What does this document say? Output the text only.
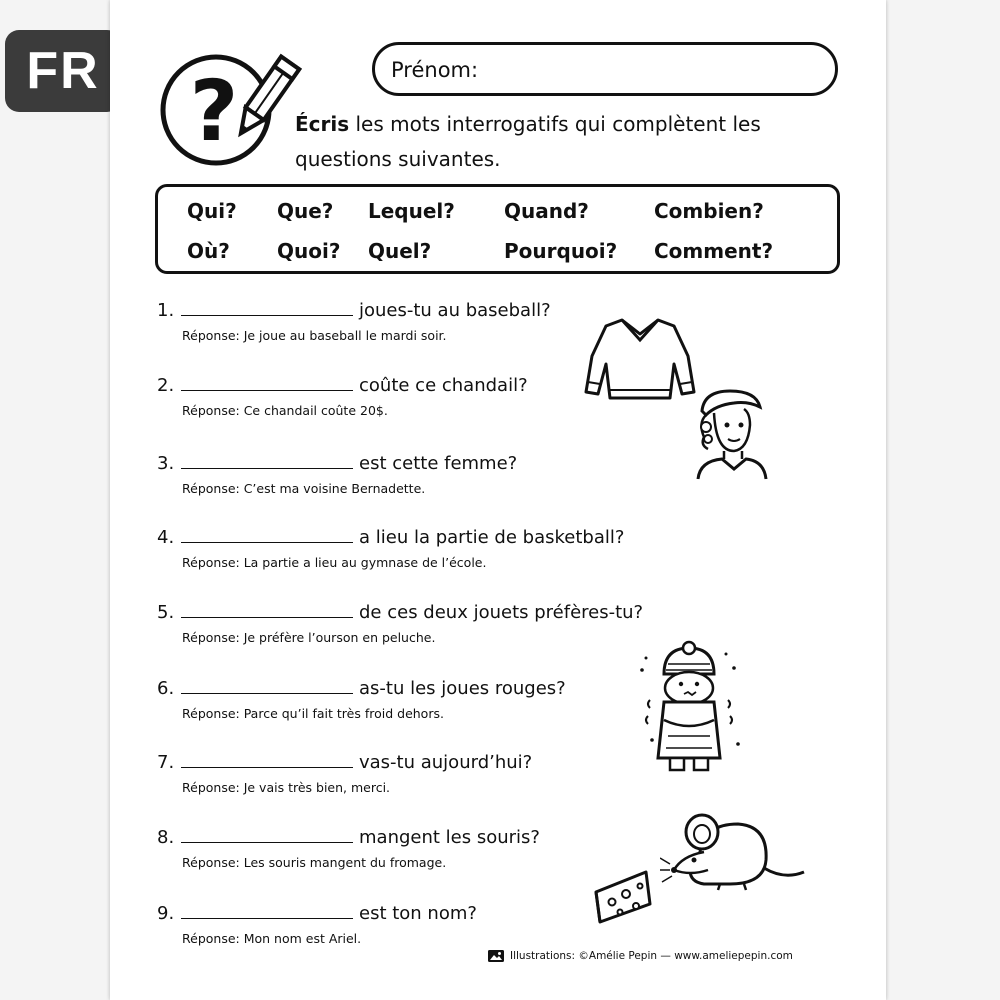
FR ?	Prénom:
Écris les mots interrogatifs qui complètent les questions suivantes.
Qui? Que? Lequel? Quand?	Combien?
Où? Quoi? Quel?	Pourquoi? Comment?
1.	joues-tu au baseball?
Réponse: Je joue au baseball le mardi soir.
2.	coûte ce chandail?
Réponse: Ce chandail coûte 20$.
3.	est cette femme?
Réponse: C’est ma voisine Bernadette.
4.	a lieu la partie de basketball?
Réponse: La partie a lieu au gymnase de l’école.
5.	de ces deux jouets préfères-tu?
Réponse: Je préfère l’ourson en peluche.
6.	as-tu les joues rouges?
Réponse: Parce qu’il fait très froid dehors.
7.	vas-tu aujourd’hui?
Réponse: Je vais très bien, merci.
8.	mangent les souris?
Réponse: Les souris mangent du fromage.
9.	est ton nom?
Réponse: Mon nom est Ariel.
Illustrations: ©Amélie Pepin — www.ameliepepin.com
